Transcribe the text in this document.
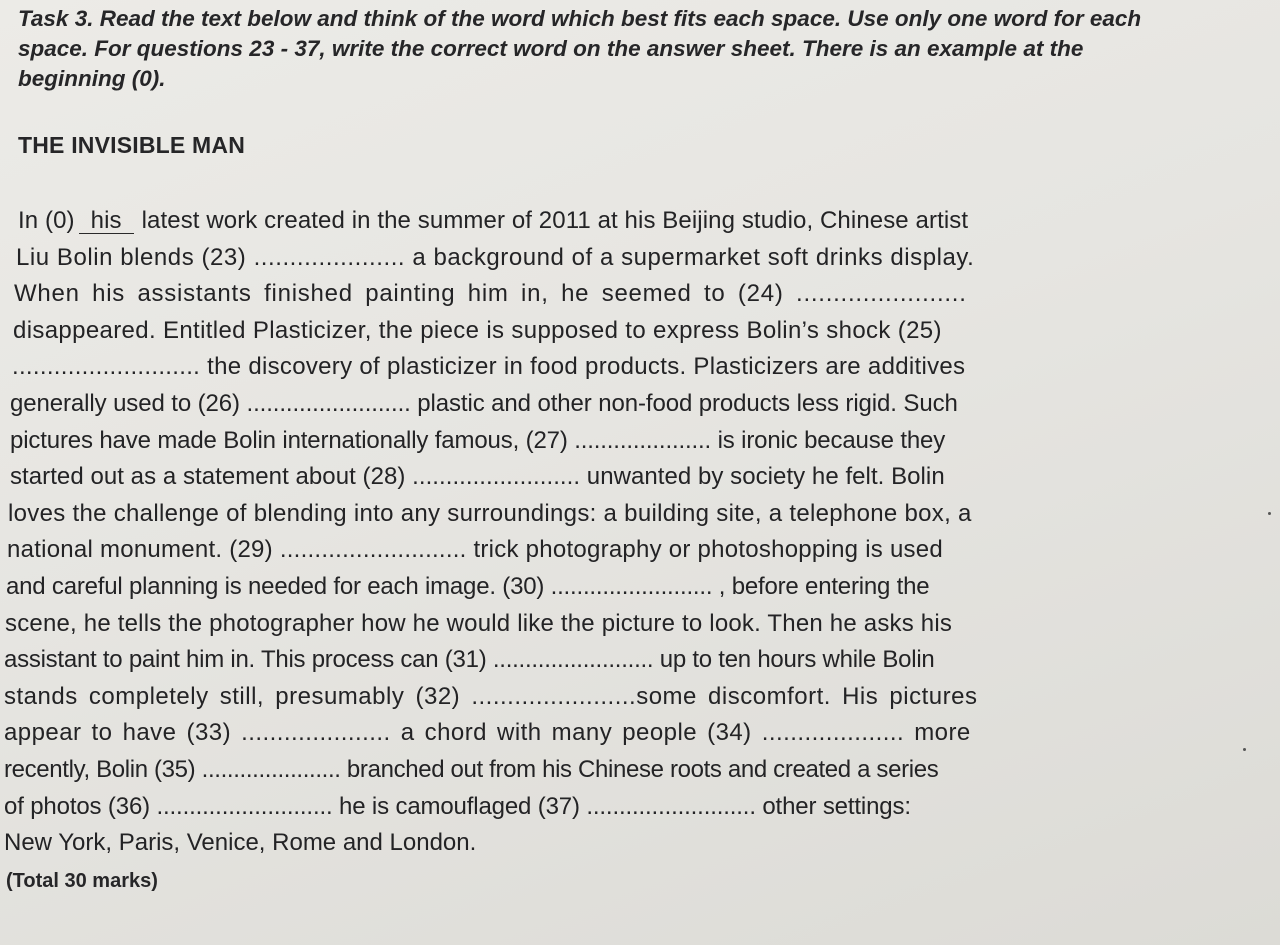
Task 3. Read the text below and think of the word which best fits each space. Use only one word for each space. For questions 23 - 37, write the correct word on the answer sheet. There is an example at the beginning (0).

THE INVISIBLE MAN
In (0) his latest work created in the summer of 2011 at his Beijing studio, Chinese artist
Liu Bolin blends (23) ..................... a background of a supermarket soft drinks display.
When his assistants finished painting him in, he seemed to (24) .......................
disappeared. Entitled Plasticizer, the piece is supposed to express Bolin’s shock (25)
........................... the discovery of plasticizer in food products. Plasticizers are additives
generally used to (26) ......................... plastic and other non-food products less rigid. Such
pictures have made Bolin internationally famous, (27) ..................... is ironic because they
started out as a statement about (28) ......................... unwanted by society he felt. Bolin
loves the challenge of blending into any surroundings: a building site, a telephone box, a
national monument. (29) ........................... trick photography or photoshopping is used
and careful planning is needed for each image. (30) ......................... , before entering the
scene, he tells the photographer how he would like the picture to look. Then he asks his
assistant to paint him in. This process can (31) ......................... up to ten hours while Bolin
stands completely still, presumably (32) .......................some discomfort. His pictures
appear to have (33) ..................... a chord with many people (34) .................... more
recently, Bolin (35) ...................... branched out from his Chinese roots and created a series
of photos (36) ........................... he is camouflaged (37) .......................... other settings:
New York, Paris, Venice, Rome and London.

(Total 30 marks)
